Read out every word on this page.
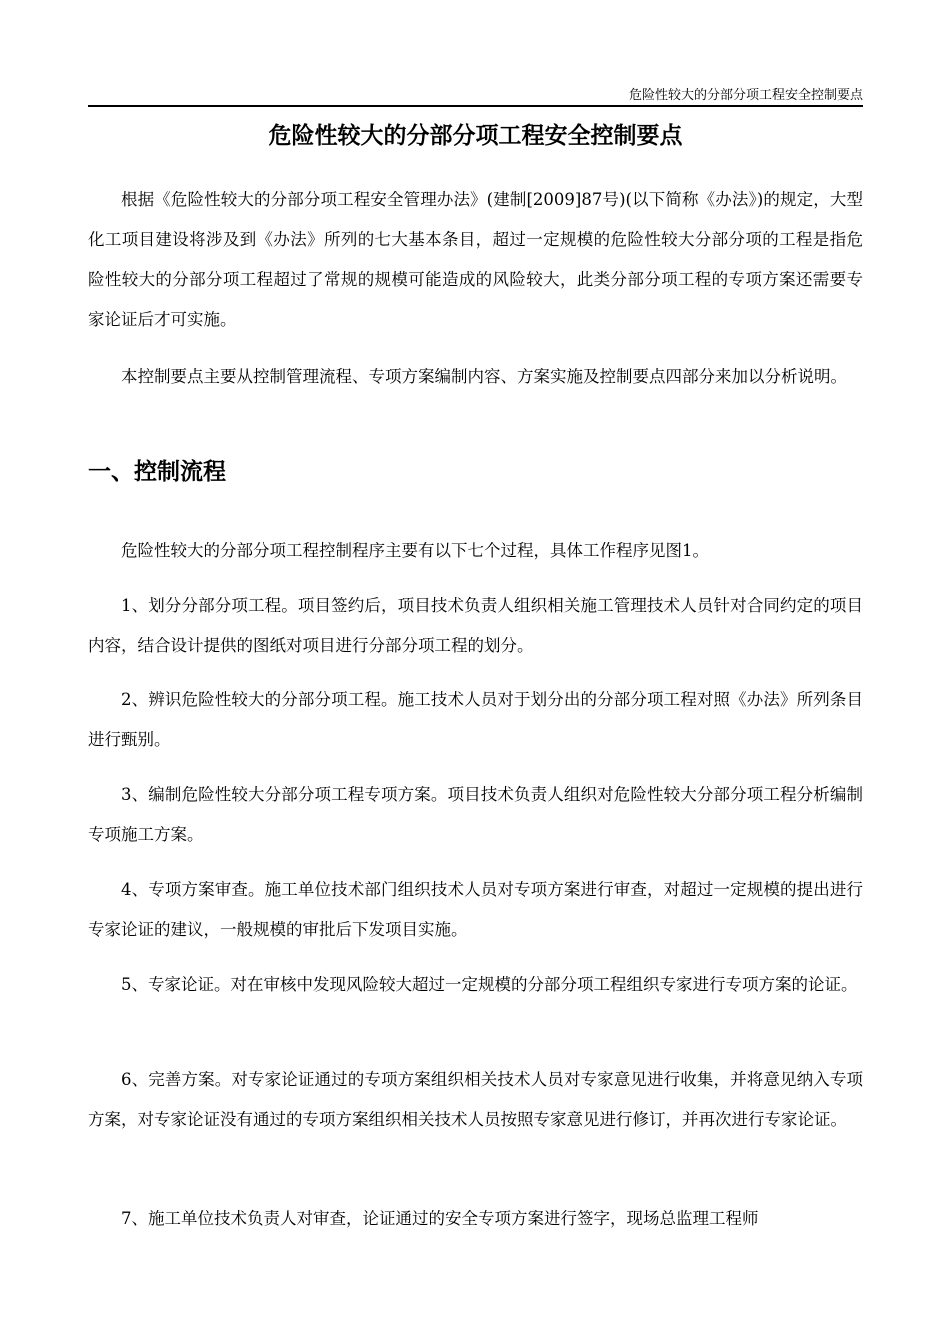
危险性较大的分部分项工程安全控制要点
危险性较大的分部分项工程安全控制要点

根据《危险性较大的分部分项工程安全管理办法》(建制[2009]87号)(以下简称《办法》)的规定，大型化工项目建设将涉及到《办法》所列的七大基本条目，超过一定规模的危险性较大分部分项的工程是指危险性较大的分部分项工程超过了常规的规模可能造成的风险较大，此类分部分项工程的专项方案还需要专家论证后才可实施。

本控制要点主要从控制管理流程、专项方案编制内容、方案实施及控制要点四部分来加以分析说明。

一、控制流程

危险性较大的分部分项工程控制程序主要有以下七个过程，具体工作程序见图1。

1、划分分部分项工程。项目签约后，项目技术负责人组织相关施工管理技术人员针对合同约定的项目内容，结合设计提供的图纸对项目进行分部分项工程的划分。

2、辨识危险性较大的分部分项工程。施工技术人员对于划分出的分部分项工程对照《办法》所列条目进行甄别。

3、编制危险性较大分部分项工程专项方案。项目技术负责人组织对危险性较大分部分项工程分析编制专项施工方案。

4、专项方案审查。施工单位技术部门组织技术人员对专项方案进行审查，对超过一定规模的提出进行专家论证的建议，一般规模的审批后下发项目实施。

5、专家论证。对在审核中发现风险较大超过一定规模的分部分项工程组织专家进行专项方案的论证。

6、完善方案。对专家论证通过的专项方案组织相关技术人员对专家意见进行收集，并将意见纳入专项方案，对专家论证没有通过的专项方案组织相关技术人员按照专家意见进行修订，并再次进行专家论证。

7、施工单位技术负责人对审查，论证通过的安全专项方案进行签字，现场总监理工程师
